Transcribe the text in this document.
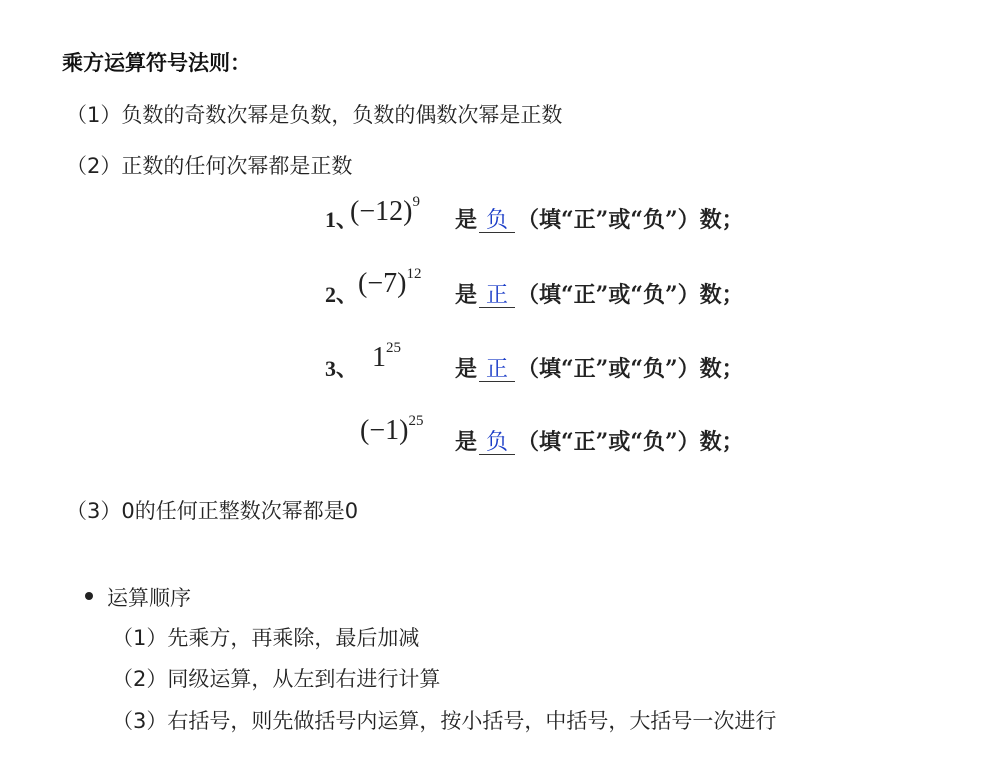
乘方运算符号法则：
（1）负数的奇数次幂是负数，负数的偶数次幂是正数
（2）正数的任何次幂都是正数
1、
$(-12)^9$
是 负 （填“正”或“负”）数；
2、 $(-7)^{12}$
是 正 （填“正”或“负”）数；
3、 $1^{25}$
是 正 （填“正”或“负”）数；
$(-1)^{25}$
是 负 （填“正”或“负”）数；
（3）0的任何正整数次幂都是0
运算顺序
（1）先乘方，再乘除，最后加减
（2）同级运算，从左到右进行计算
（3）右括号，则先做括号内运算，按小括号，中括号，大括号一次进行
